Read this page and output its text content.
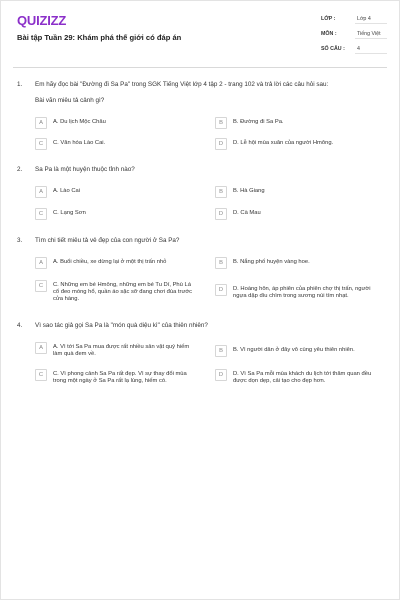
QUIZIZZ
Bài tập Tuần 29: Khám phá thế giới có đáp án
LỚP :	Lớp 4
MÔN :	Tiếng Việt
SỐ CÂU : 4
1. Em hãy đọc bài "Đường đi Sa Pa" trong SGK Tiếng Việt lớp 4 tập 2 - trang 102 và trả lời các câu hỏi sau:
Bài văn miêu tả cảnh gì?
A	A. Du lịch Mộc Châu	B	B. Đường đi Sa Pa.
C	C. Văn hóa Lào Cai.	D	D. Lễ hội mùa xuân của người Hmông.
2. Sa Pa là một huyện thuộc tỉnh nào?
A	A. Lào Cai	B	B. Hà Giang
C	C. Lạng Sơn	D	D. Cà Mau
3. Tìm chi tiết miêu tả vẻ đẹp của con người ở Sa Pa?
A	A. Buổi chiều, xe dừng lại ở một thị trấn nhỏ	B	B. Nắng phố huyện vàng hoe.
C	C. Những em bé Hmông, những em bé Tu Dí, Phù Lá cổ đeo móng hổ, quần áo sặc sỡ đang chơi đùa trước cửa hàng.
D	D. Hoàng hôn, áp phiên của phiên chợ thị trấn, người ngựa dập dìu chìm trong sương núi tím nhạt.
4. Vì sao tác giả gọi Sa Pa là "món quà diệu kì" của thiên nhiên?
A	A. Vì tới Sa Pa mua được rất nhiều sản vật quý hiếm làm quà đem về.
B	B. Vì người dân ở đây vô cùng yêu thiên nhiên.
C	C. Vì phong cảnh Sa Pa rất đẹp. Vì sự thay đổi mùa trong một ngày ở Sa Pa rất lạ lùng, hiếm có.
D	D. Vì Sa Pa mỗi mùa khách du lịch tới thăm quan đều được dọn dẹp, cải tạo cho đẹp hơn.
